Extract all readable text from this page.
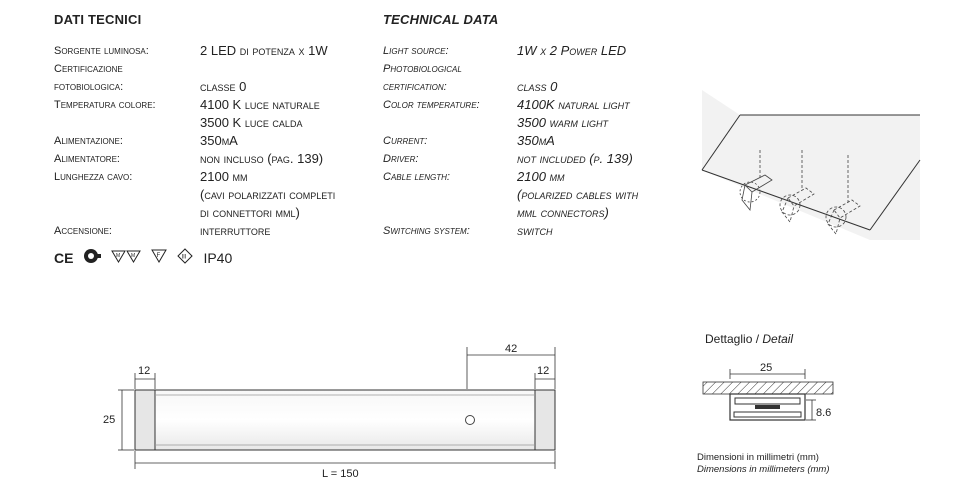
DATI TECNICI
Sorgente luminosa:	2 LED di potenza x 1W
Certificazione
fotobiologica:	classe 0
Temperatura colore:	4100 K luce naturale
3500 K luce calda
Alimentazione:	350mA
Alimentatore:	non incluso (pag. 139)
Lunghezza cavo:	2100 mm
(cavi polarizzati completi
di connettori mml)
Accensione:	interruttore
TECHNICAL DATA
Light source:	1W x 2 Power LED
Photobiological
certification:	class 0
Color temperature:	4100K natural light
3500 warm light
Current:	350mA
Driver:	not included (p. 139)
Cable length:	2100 mm
(polarized cables with
mml connectors)
Switching system:	switch
CE	M M	F	III IP40
12
42
12
25
L = 150
Dettaglio / Detail
25
8.6
Dimensioni in millimetri (mm)
Dimensions in millimeters (mm)
